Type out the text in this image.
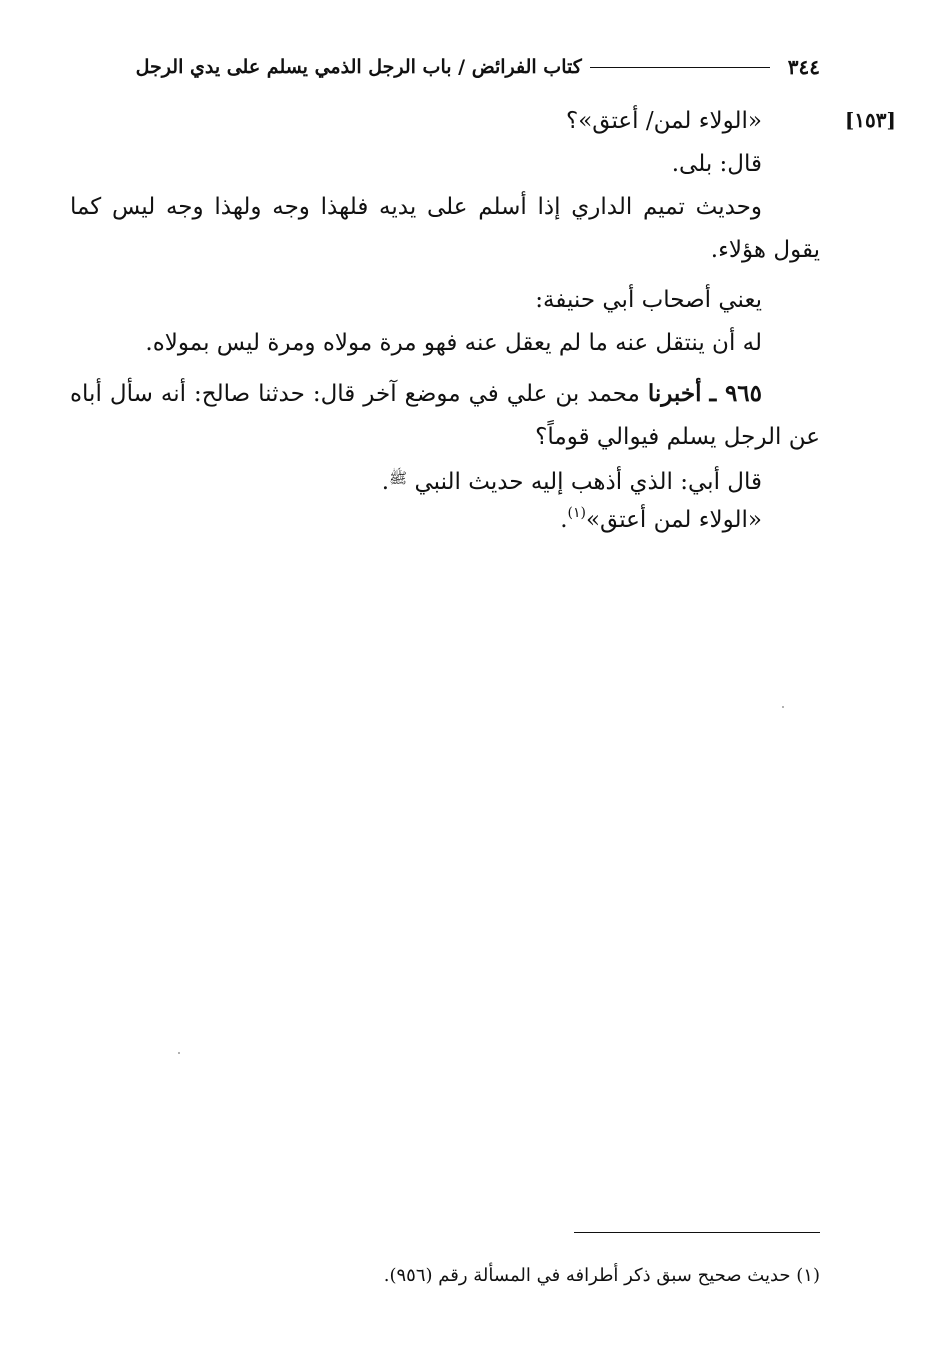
٣٤٤
كتاب الفرائض / باب الرجل الذمي يسلم على يدي الرجل
[١٥٣]

«الولاء لمن/ أعتق»؟

قال: بلى.

وحديث تميم الداري إذا أسلم على يديه فلهذا وجه ولهذا وجه ليس كما يقول هؤلاء.

يعني أصحاب أبي حنيفة:

له أن ينتقل عنه ما لم يعقل عنه فهو مرة مولاه ومرة ليس بمولاه.

٩٦٥ ـ أخبرنا محمد بن علي في موضع آخر قال: حدثنا صالح: أنه سأل أباه عن الرجل يسلم فيوالي قوماً؟

قال أبي: الذي أذهب إليه حديث النبي $^ﷺ$.

«الولاء لمن أعتق»$^{(١)}$.

(١) حديث صحيح سبق ذكر أطرافه في المسألة رقم (٩٥٦).
